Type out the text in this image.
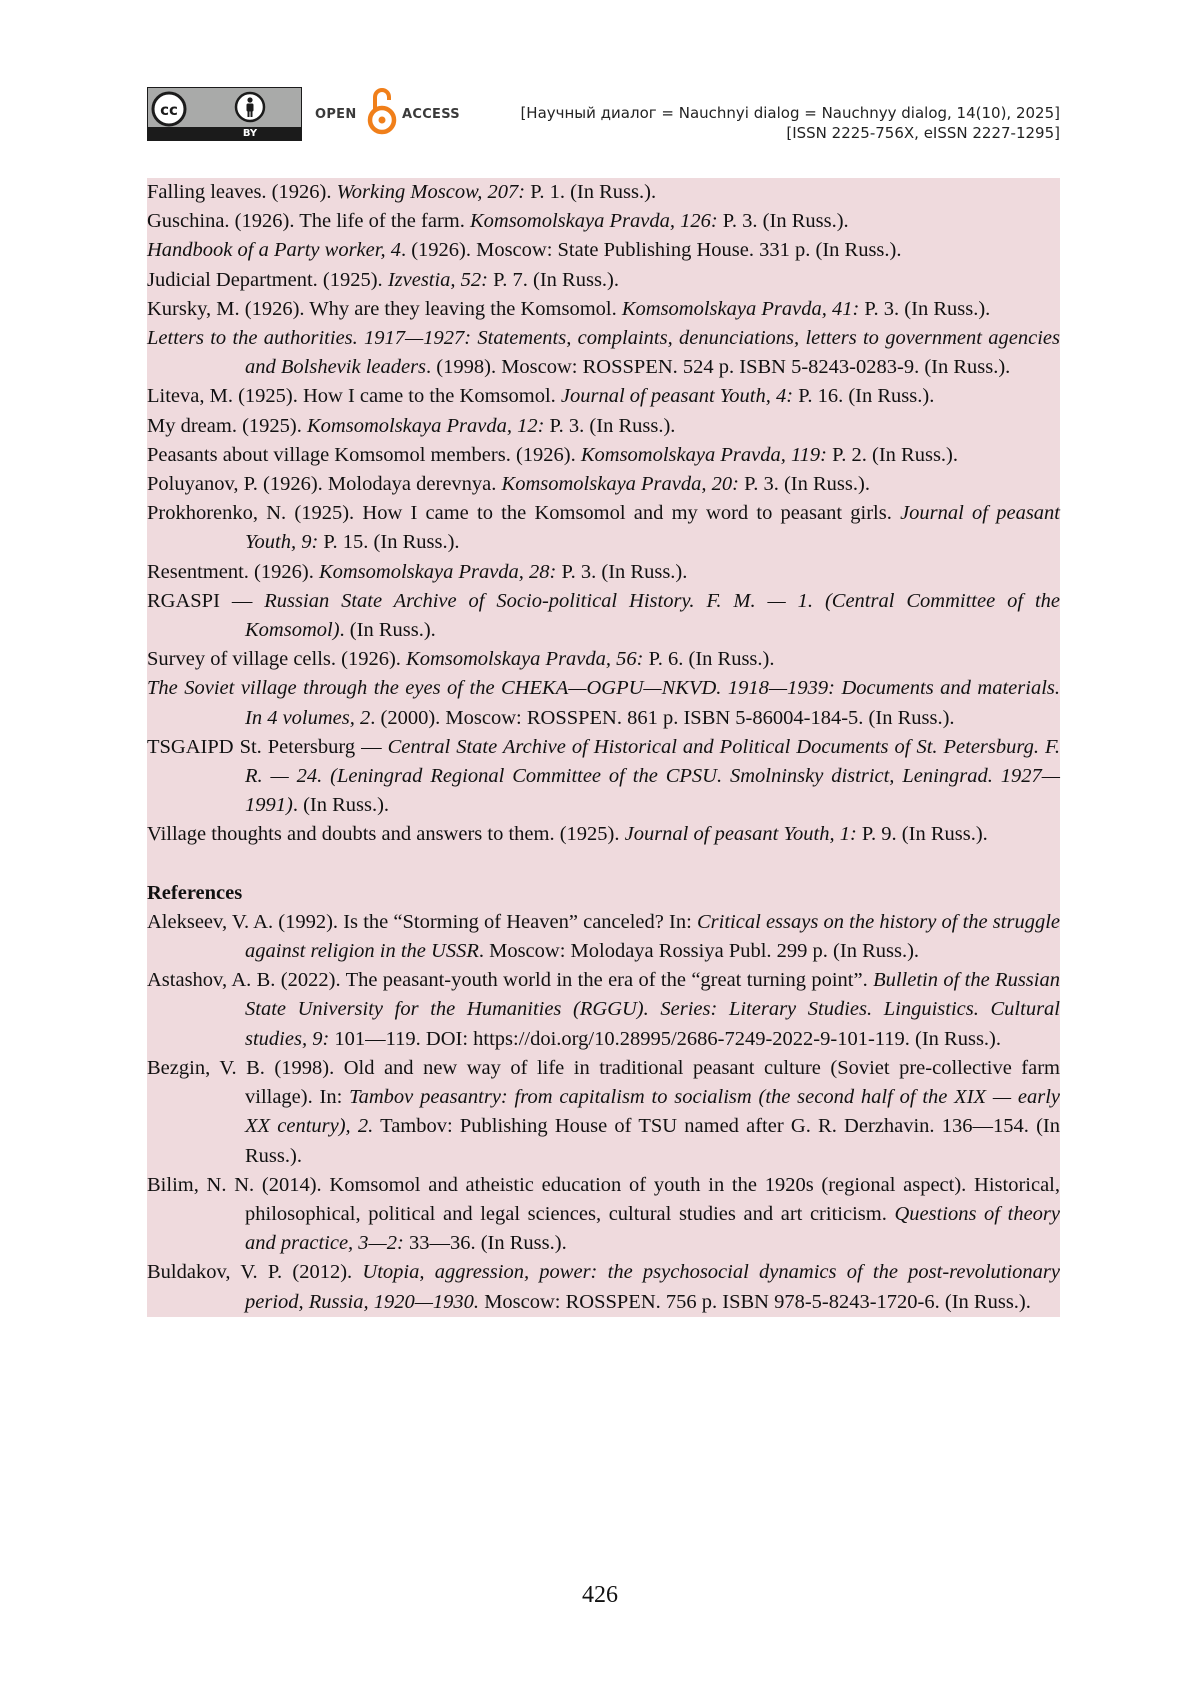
cc
BY
OPEN	ACCESS	[Научный диалог = Nauchnyi dialog = Nauchnyy dialog, 14(10), 2025]
[ISSN 2225-756X, eISSN 2227-1295]

Falling leaves. (1926). Working Moscow, 207: P. 1. (In Russ.).

Guschina. (1926). The life of the farm. Komsomolskaya Pravda, 126: P. 3. (In Russ.).

Handbook of a Party worker, 4. (1926). Moscow: State Publishing House. 331 p. (In Russ.).

Judicial Department. (1925). Izvestia, 52: P. 7. (In Russ.).

Kursky, M. (1926). Why are they leaving the Komsomol. Komsomolskaya Pravda, 41: P. 3. (In Russ.).

Letters to the authorities. 1917—1927: Statements, complaints, denunciations, letters to government agencies and Bolshevik leaders. (1998). Moscow: ROSSPEN. 524 p. ISBN 5-8243-0283-9. (In Russ.).

Liteva, M. (1925). How I came to the Komsomol. Journal of peasant Youth, 4: P. 16. (In Russ.).

My dream. (1925). Komsomolskaya Pravda, 12: P. 3. (In Russ.).

Peasants about village Komsomol members. (1926). Komsomolskaya Pravda, 119: P. 2. (In Russ.).

Poluyanov, P. (1926). Molodaya derevnya. Komsomolskaya Pravda, 20: P. 3. (In Russ.).

Prokhorenko, N. (1925). How I came to the Komsomol and my word to peasant girls. Journal of peasant Youth, 9: P. 15. (In Russ.).

Resentment. (1926). Komsomolskaya Pravda, 28: P. 3. (In Russ.).

RGASPI — Russian State Archive of Socio-political History. F. M. — 1. (Central Committee of the Komsomol). (In Russ.).

Survey of village cells. (1926). Komsomolskaya Pravda, 56: P. 6. (In Russ.).

The Soviet village through the eyes of the CHEKA—OGPU—NKVD. 1918—1939: Documents and materials. In 4 volumes, 2. (2000). Moscow: ROSSPEN. 861 p. ISBN 5-86004-184-5. (In Russ.).

TSGAIPD St. Petersburg — Central State Archive of Historical and Political Documents of St. Petersburg. F. R. — 24. (Leningrad Regional Committee of the CPSU. Smolninsky district, Leningrad. 1927—1991). (In Russ.).

Village thoughts and doubts and answers to them. (1925). Journal of peasant Youth, 1: P. 9. (In Russ.).

References

Alekseev, V. A. (1992). Is the “Storming of Heaven” canceled? In: Critical essays on the history of the struggle against religion in the USSR. Moscow: Molodaya Rossiya Publ. 299 p. (In Russ.).

Astashov, A. B. (2022). The peasant-youth world in the era of the “great turning point”. Bulletin of the Russian State University for the Humanities (RGGU). Series: Literary Studies. Linguistics. Cultural studies, 9: 101—119. DOI: https://doi.org/10.28995/2686-7249-2022-9-101-119. (In Russ.).

Bezgin, V. B. (1998). Old and new way of life in traditional peasant culture (Soviet pre-collective farm village). In: Tambov peasantry: from capitalism to socialism (the second half of the XIX — early XX century), 2. Tambov: Publishing House of TSU named after G. R. Derzhavin. 136—154. (In Russ.).

Bilim, N. N. (2014). Komsomol and atheistic education of youth in the 1920s (regional aspect). Historical, philosophical, political and legal sciences, cultural studies and art criticism. Questions of theory and practice, 3—2: 33—36. (In Russ.).

Buldakov, V. P. (2012). Utopia, aggression, power: the psychosocial dynamics of the post-revolutionary period, Russia, 1920—1930. Moscow: ROSSPEN. 756 p. ISBN 978-5-8243-1720-6. (In Russ.).

426
